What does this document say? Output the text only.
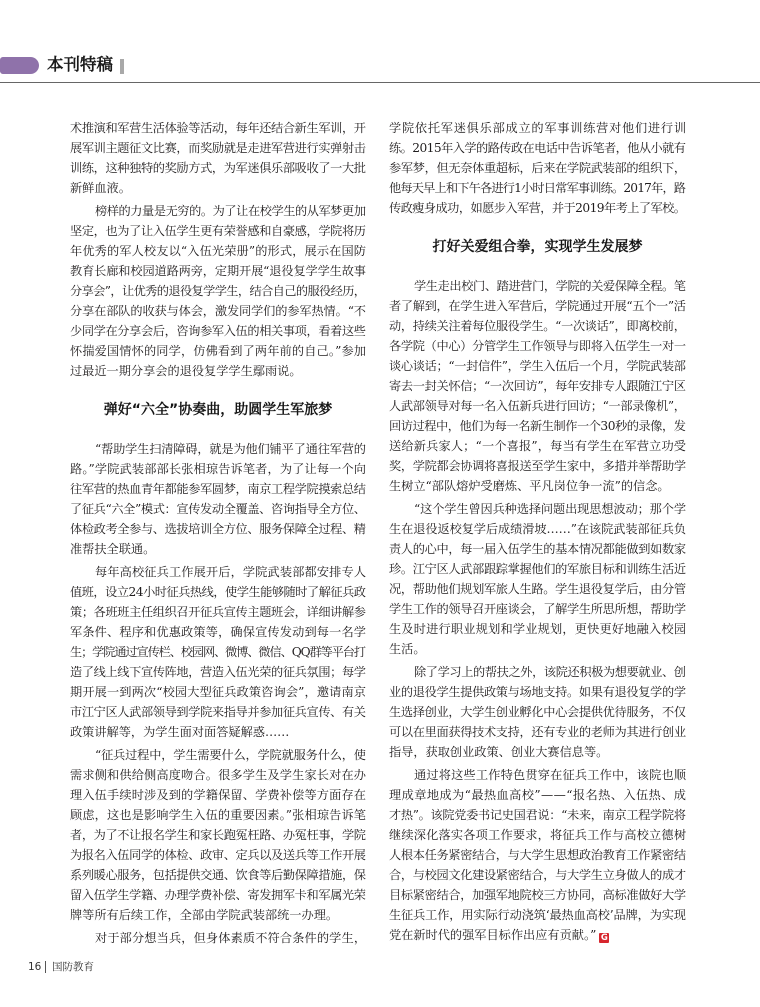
本刊特稿
术推演和军营生活体验等活动，每年还结合新生军训，开
展军训主题征文比赛，而奖励就是走进军营进行实弹射击
训练，这种独特的奖励方式，为军迷俱乐部吸收了一大批
新鲜血液。
榜样的力量是无穷的。为了让在校学生的从军梦更加
坚定，也为了让入伍学生更有荣誉感和自豪感，学院将历
年优秀的军人校友以“入伍光荣册”的形式，展示在国防
教育长廊和校园道路两旁，定期开展“退役复学学生故事
分享会”，让优秀的退役复学学生，结合自己的服役经历，
分享在部队的收获与体会，激发同学们的参军热情。“不
少同学在分享会后，咨询参军入伍的相关事项，看着这些
怀揣爱国情怀的同学，仿佛看到了两年前的自己。”参加
过最近一期分享会的退役复学学生鄢雨说。
弹好“六全”协奏曲，助圆学生军旅梦
“帮助学生扫清障碍，就是为他们铺平了通往军营的
路。”学院武装部部长张相琼告诉笔者，为了让每一个向
往军营的热血青年都能参军圆梦，南京工程学院摸索总结
了征兵“六全”模式：宣传发动全覆盖、咨询指导全方位、
体检政考全参与、选拔培训全方位、服务保障全过程、精
准帮扶全联通。
每年高校征兵工作展开后，学院武装部都安排专人
值班，设立24小时征兵热线，使学生能够随时了解征兵政
策；各班班主任组织召开征兵宣传主题班会，详细讲解参
军条件、程序和优惠政策等，确保宣传发动到每一名学
生；学院通过宣传栏、校园网、微博、微信、QQ群等平台打
造了线上线下宣传阵地，营造入伍光荣的征兵氛围；每学
期开展一到两次“校园大型征兵政策咨询会”，邀请南京
市江宁区人武部领导到学院来指导并参加征兵宣传、有关
政策讲解等，为学生面对面答疑解惑……
“征兵过程中，学生需要什么，学院就服务什么，使
需求侧和供给侧高度吻合。很多学生及学生家长对在办
理入伍手续时涉及到的学籍保留、学费补偿等方面存在
顾虑，这也是影响学生入伍的重要因素。”张相琼告诉笔
者，为了不让报名学生和家长跑冤枉路、办冤枉事，学院
为报名入伍同学的体检、政审、定兵以及送兵等工作开展
系列暖心服务，包括提供交通、饮食等后勤保障措施，保
留入伍学生学籍、办理学费补偿、寄发拥军卡和军属光荣
牌等所有后续工作，全部由学院武装部统一办理。
对于部分想当兵，但身体素质不符合条件的学生，
学院依托军迷俱乐部成立的军事训练营对他们进行训
练。2015年入学的路传政在电话中告诉笔者，他从小就有
参军梦，但无奈体重超标，后来在学院武装部的组织下，
他每天早上和下午各进行1小时日常军事训练。2017年，路
传政瘦身成功，如愿步入军营，并于2019年考上了军校。
打好关爱组合拳，实现学生发展梦
学生走出校门、踏进营门，学院的关爱保障全程。笔
者了解到，在学生进入军营后，学院通过开展“五个一”活
动，持续关注着每位服役学生。“一次谈话”，即离校前，
各学院（中心）分管学生工作领导与即将入伍学生一对一
谈心谈话；“一封信件”，学生入伍后一个月，学院武装部
寄去一封关怀信；“一次回访”，每年安排专人跟随江宁区
人武部领导对每一名入伍新兵进行回访；“一部录像机”，
回访过程中，他们为每一名新生制作一个30秒的录像，发
送给新兵家人；“一个喜报”，每当有学生在军营立功受
奖，学院都会协调将喜报送至学生家中，多措并举帮助学
生树立“部队熔炉受磨炼、平凡岗位争一流”的信念。
“这个学生曾因兵种选择问题出现思想波动；那个学
生在退役返校复学后成绩滑坡……”在该院武装部征兵负
责人的心中，每一届入伍学生的基本情况都能做到如数家
珍。江宁区人武部跟踪掌握他们的军旅目标和训练生活近
况，帮助他们规划军旅人生路。学生退役复学后，由分管
学生工作的领导召开座谈会，了解学生所思所想，帮助学
生及时进行职业规划和学业规划，更快更好地融入校园
生活。
除了学习上的帮扶之外，该院还积极为想要就业、创
业的退役学生提供政策与场地支持。如果有退役复学的学
生选择创业，大学生创业孵化中心会提供优待服务，不仅
可以在里面获得技术支持，还有专业的老师为其进行创业
指导，获取创业政策、创业大赛信息等。
通过将这些工作特色贯穿在征兵工作中，该院也顺
理成章地成为“最热血高校”——“报名热、入伍热、成
才热”。该院党委书记史国君说：“未来，南京工程学院将
继续深化落实各项工作要求，将征兵工作与高校立德树
人根本任务紧密结合，与大学生思想政治教育工作紧密结
合，与校园文化建设紧密结合，与大学生立身做人的成才
目标紧密结合，加强军地院校三方协同，高标准做好大学
生征兵工作，用实际行动浇筑‘最热血高校’品牌，为实现
党在新时代的强军目标作出应有贡献。” G
16 国防教育
